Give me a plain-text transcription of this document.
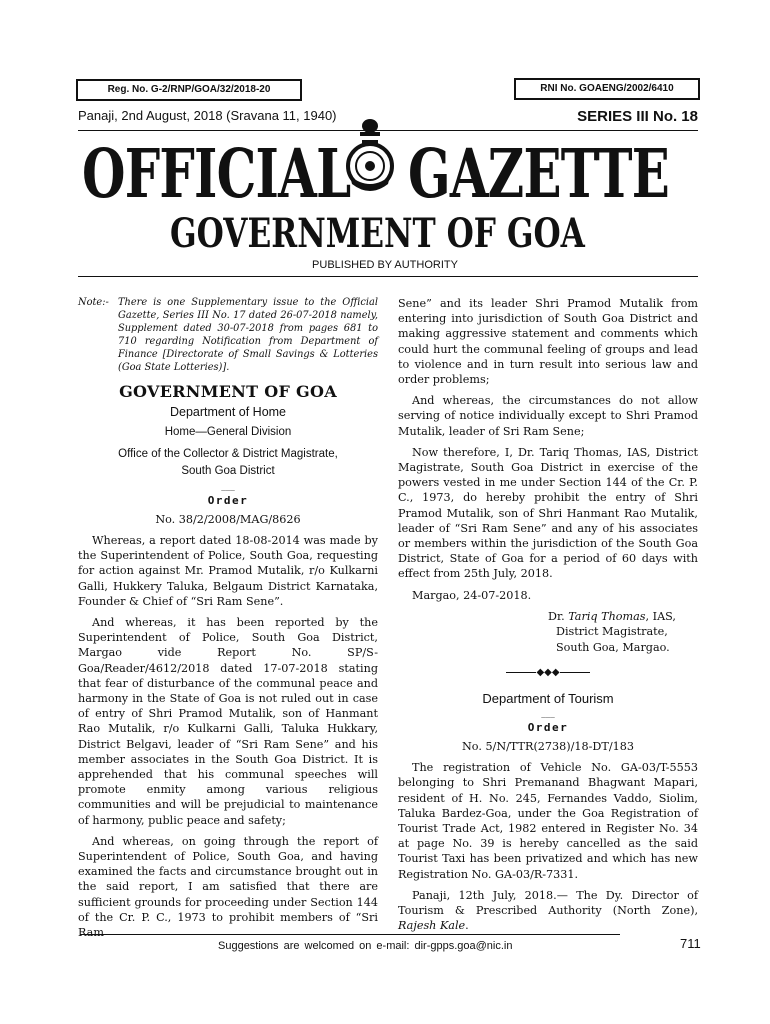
Reg. No. G-2/RNP/GOA/32/2018-20	RNI No. GOAENG/2002/6410
Panaji, 2nd August, 2018 (Sravana 11, 1940)	SERIES III No. 18
OFFICIAL GAZETTE
GOVERNMENT OF GOA
PUBLISHED BY AUTHORITY
Note:- There is one Supplementary issue to the Official Gazette, Series III No. 17 dated 26-07-2018 namely, Supplement dated 30-07-2018 from pages 681 to 710 regarding Notification from Department of Finance [Directorate of Small Savings & Lotteries (Goa State Lotteries)].
GOVERNMENT OF GOA
Department of Home
Home—General Division
Office of the Collector & District Magistrate,
South Goa District
___
Order
No. 38/2/2008/MAG/8626

Whereas, a report dated 18-08-2014 was made by the Superintendent of Police, South Goa, requesting for action against Mr. Pramod Mutalik, r/o Kulkarni Galli, Hukkery Taluka, Belgaum District Karnataka, Founder & Chief of “Sri Ram Sene”.

And whereas, it has been reported by the Superintendent of Police, South Goa District, Margao vide Report No. SP/S-Goa/Reader/4612/2018 dated 17-07-2018 stating that fear of disturbance of the communal peace and harmony in the State of Goa is not ruled out in case of entry of Shri Pramod Mutalik, son of Hanmant Rao Mutalik, r/o Kulkarni Galli, Taluka Hukkary, District Belgavi, leader of “Sri Ram Sene” and his member associates in the South Goa District. It is apprehended that his communal speeches will promote enmity among various religious communities and will be prejudicial to maintenance of harmony, public peace and safety;

And whereas, on going through the report of Superintendent of Police, South Goa, and having examined the facts and circumstance brought out in the said report, I am satisfied that there are sufficient grounds for proceeding under Section 144 of the Cr. P. C., 1973 to prohibit members of “Sri Ram

Sene” and its leader Shri Pramod Mutalik from entering into jurisdiction of South Goa District and making aggressive statement and comments which could hurt the communal feeling of groups and lead to violence and in turn result into serious law and order problems;

And whereas, the circumstances do not allow serving of notice individually except to Shri Pramod Mutalik, leader of Sri Ram Sene;

Now therefore, I, Dr. Tariq Thomas, IAS, District Magistrate, South Goa District in exercise of the powers vested in me under Section 144 of the Cr. P. C., 1973, do hereby prohibit the entry of Shri Pramod Mutalik, son of Shri Hanmant Rao Mutalik, leader of “Sri Ram Sene” and any of his associates or members within the jurisdiction of the South Goa District, State of Goa for a period of 60 days with effect from 25th July, 2018.

Margao, 24-07-2018.

Dr. Tariq Thomas, IAS,
District Magistrate,
South Goa, Margao.
◆◆◆
Department of Tourism
___
Order
No. 5/N/TTR(2738)/18-DT/183

The registration of Vehicle No. GA-03/T-5553 belonging to Shri Premanand Bhagwant Mapari, resident of H. No. 245, Fernandes Vaddo, Siolim, Taluka Bardez-Goa, under the Goa Registration of Tourist Trade Act, 1982 entered in Register No. 34 at page No. 39 is hereby cancelled as the said Tourist Taxi has been privatized and which has new Registration No. GA-03/R-7331.

Panaji, 12th July, 2018.— The Dy. Director of Tourism & Prescribed Authority (North Zone), Rajesh Kale.

Suggestions are welcomed on e-mail: dir-gpps.goa@nic.in	711
